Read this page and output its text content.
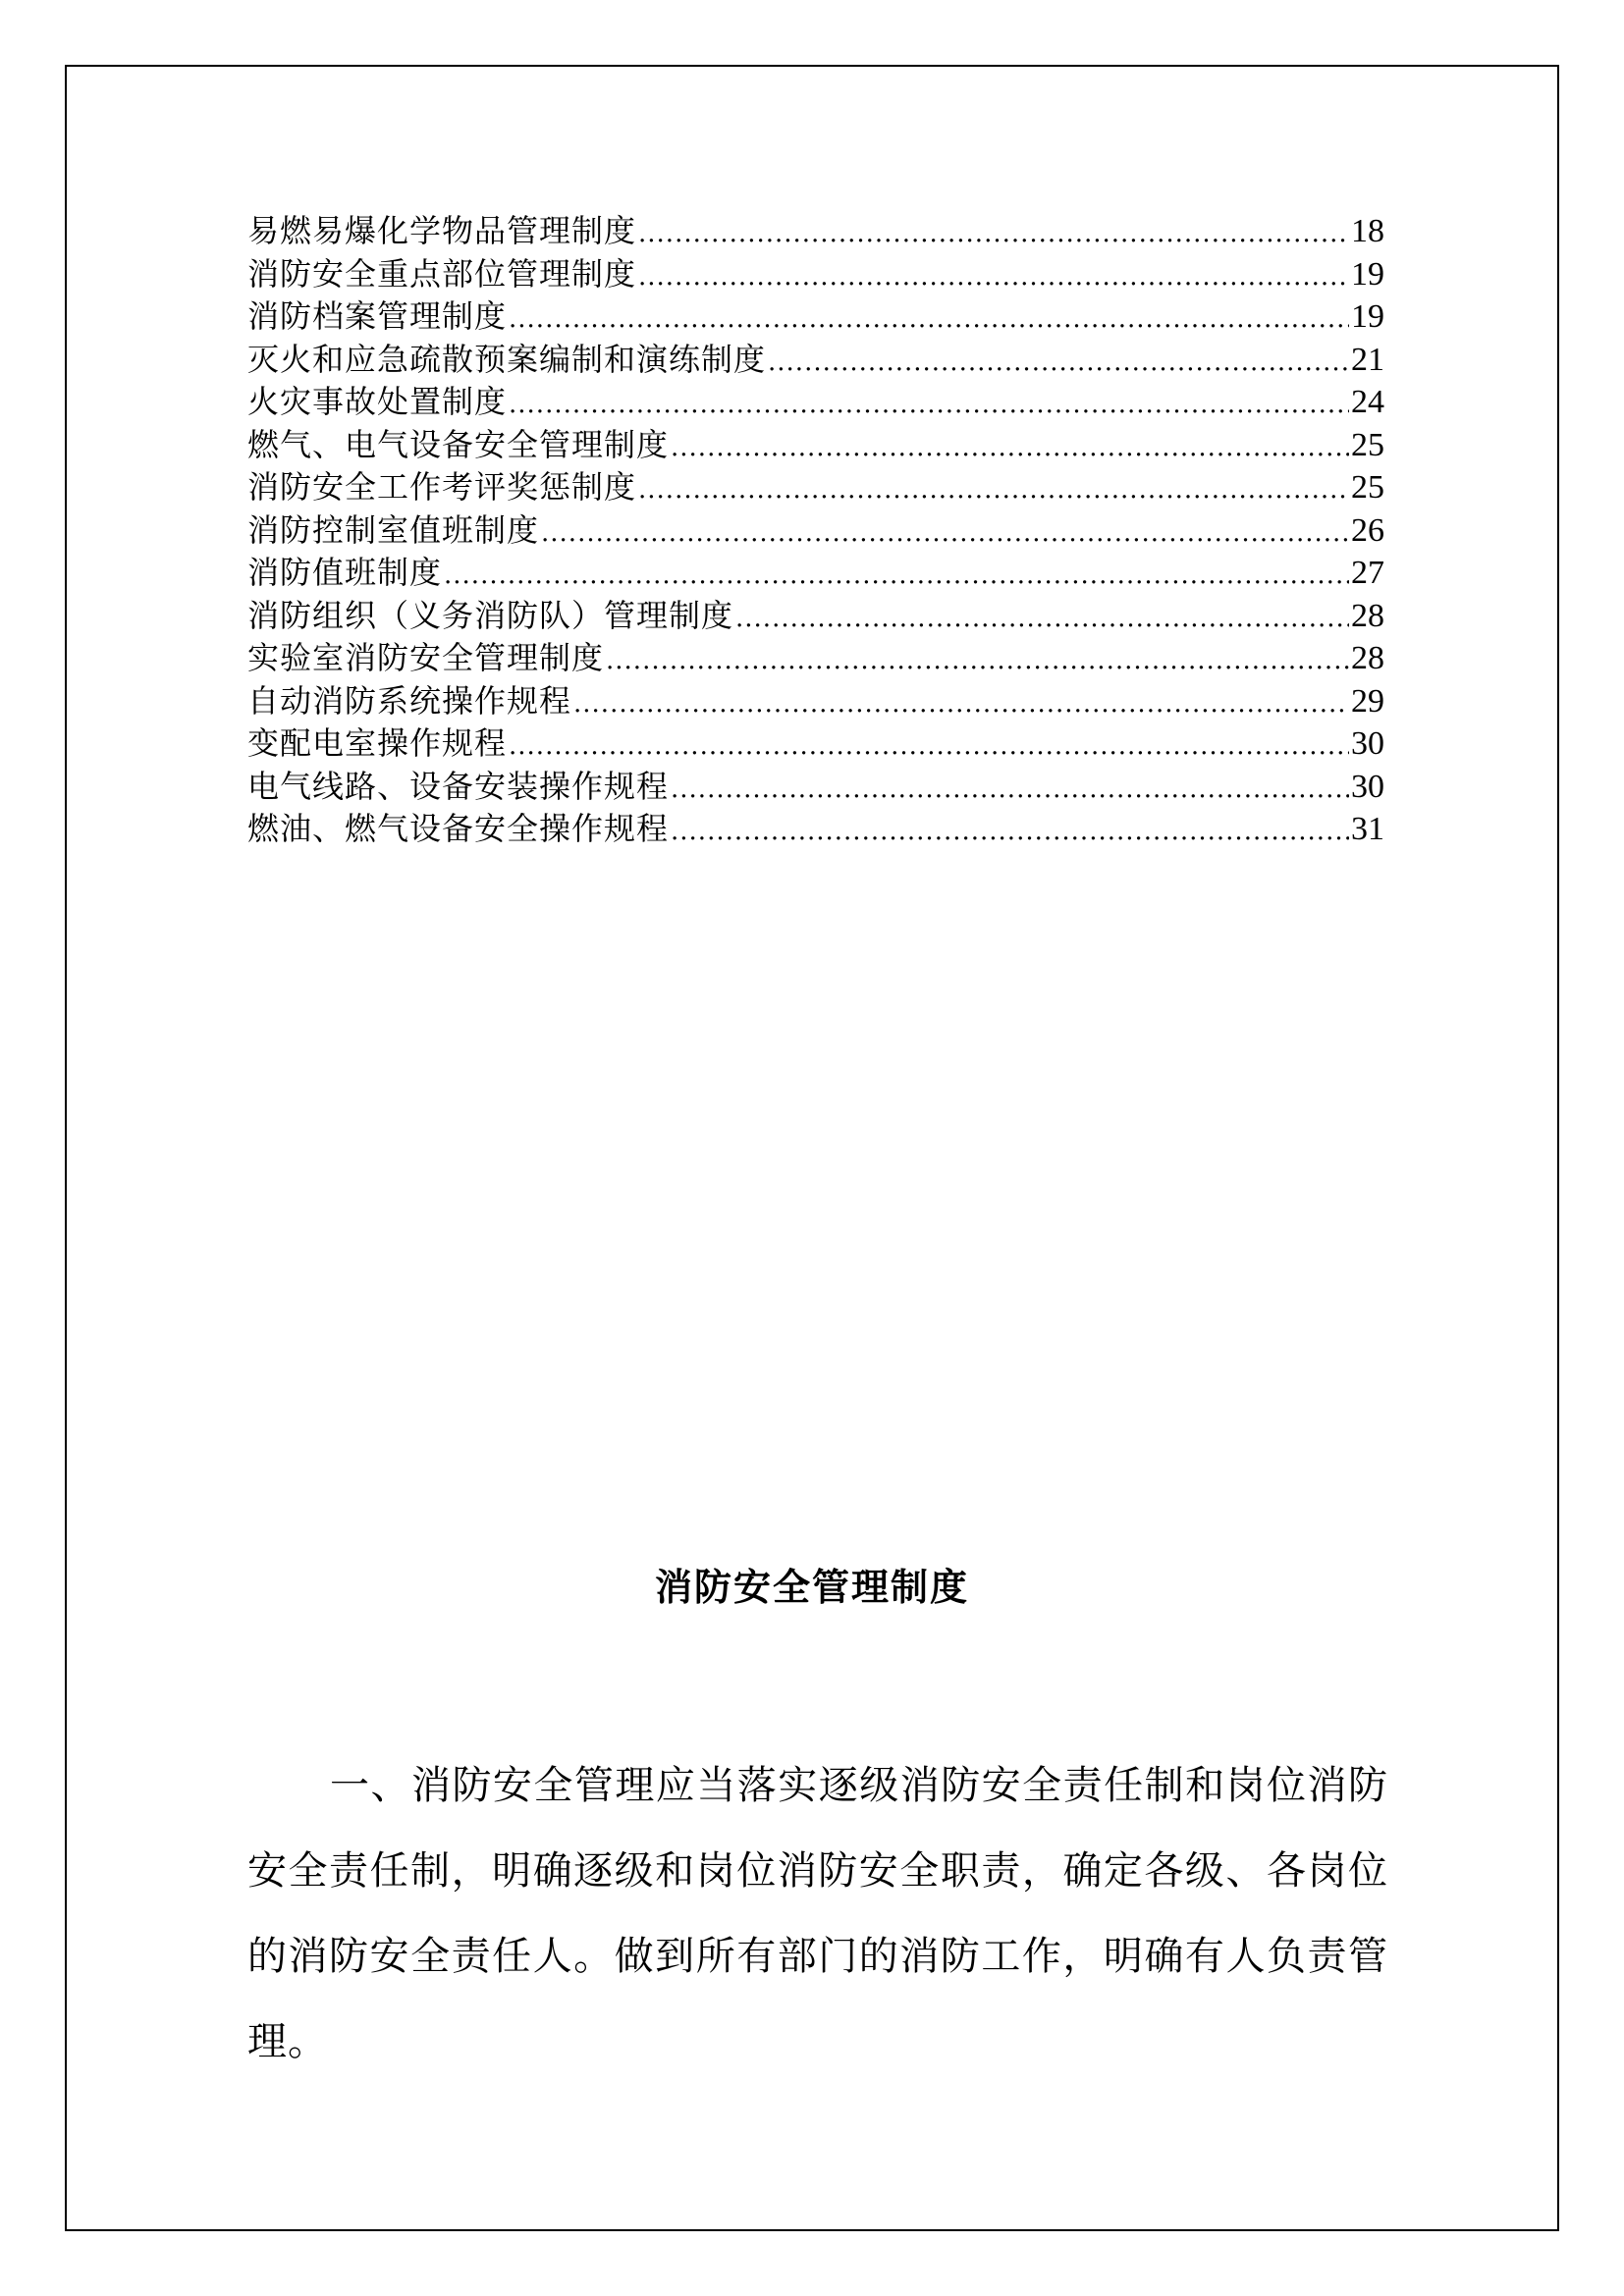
易燃易爆化学物品管理制度 .....	18
消防安全重点部位管理制度 .....	19
消防档案管理制度 .....	19
灭火和应急疏散预案编制和演练制度 .....	21
火灾事故处置制度 .....	24
燃气、电气设备安全管理制度 .....	25
消防安全工作考评奖惩制度 .....	25
消防控制室值班制度 .....	26
消防值班制度 .....	27
消防组织（义务消防队）管理制度 .....	28
实验室消防安全管理制度 .....	28
自动消防系统操作规程 .....	29
变配电室操作规程 .....	30
电气线路、设备安装操作规程 .....	30
燃油、燃气设备安全操作规程 .....	31
消防安全管理制度

一、消防安全管理应当落实逐级消防安全责任制和岗位消防安全责任制，明确逐级和岗位消防安全职责，确定各级、各岗位的消防安全责任人。做到所有部门的消防工作，明确有人负责管理。
